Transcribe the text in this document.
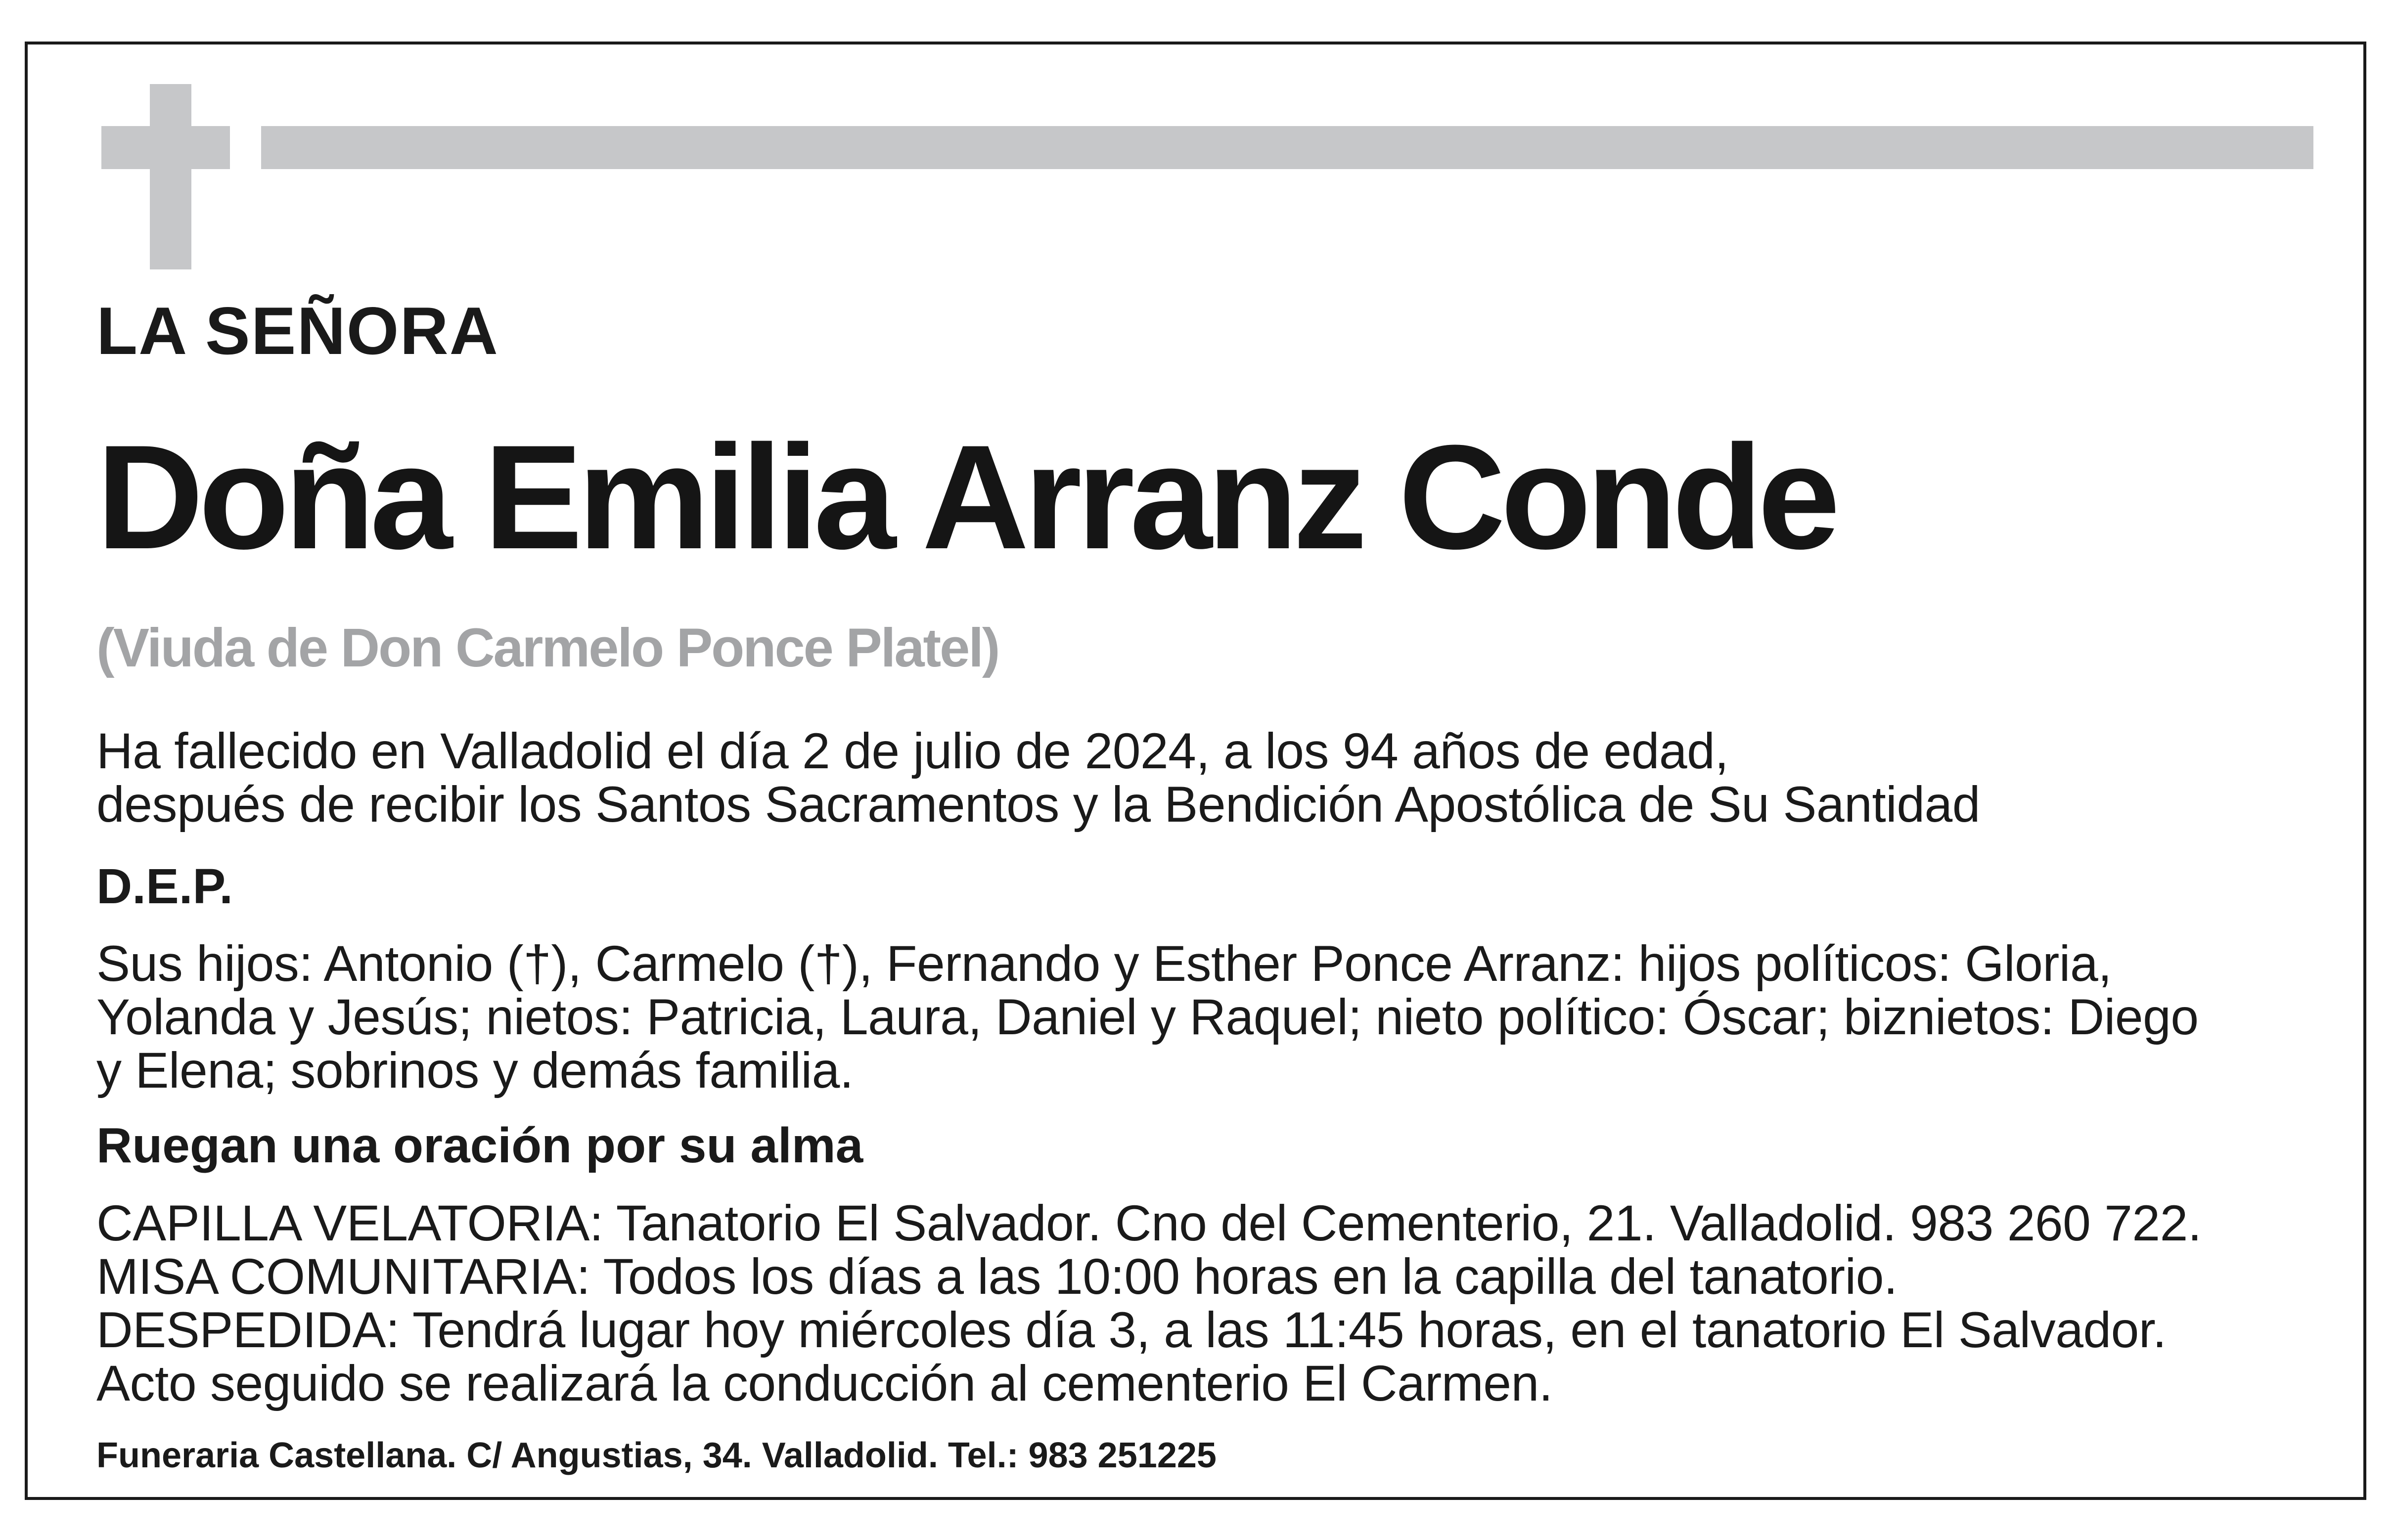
LA SEÑORA

Doña Emilia Arranz Conde

(Viuda de Don Carmelo Ponce Platel)

Ha fallecido en Valladolid el día 2 de julio de 2024, a los 94 años de edad,

después de recibir los Santos Sacramentos y la Bendición Apostólica de Su Santidad

D.E.P.

Sus hijos: Antonio (†), Carmelo (†), Fernando y Esther Ponce Arranz: hijos políticos: Gloria,

Yolanda y Jesús; nietos: Patricia, Laura, Daniel y Raquel; nieto político: Óscar; biznietos: Diego

y Elena; sobrinos y demás familia.

Ruegan una oración por su alma

CAPILLA VELATORIA: Tanatorio El Salvador. Cno del Cementerio, 21. Valladolid. 983 260 722.

MISA COMUNITARIA: Todos los días a las 10:00 horas en la capilla del tanatorio.

DESPEDIDA: Tendrá lugar hoy miércoles día 3, a las 11:45 horas, en el tanatorio El Salvador.

Acto seguido se realizará la conducción al cementerio El Carmen.

Funeraria Castellana. C/ Angustias, 34. Valladolid. Tel.: 983 251225
